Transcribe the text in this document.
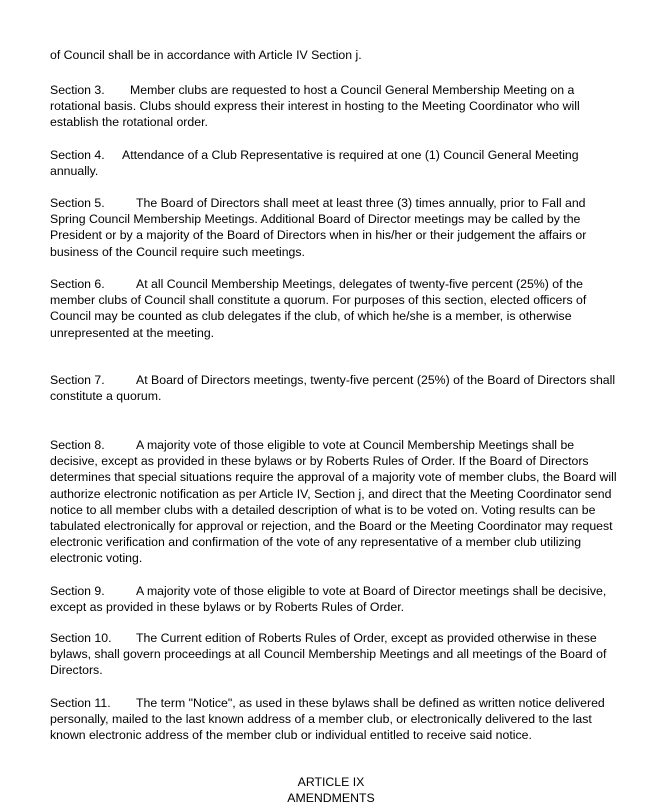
of Council shall be in accordance with Article IV Section j.

Section 3. Member clubs are requested to host a Council General Membership Meeting on a rotational basis. Clubs should express their interest in hosting to the Meeting Coordinator who will establish the rotational order.

Section 4. Attendance of a Club Representative is required at one (1) Council General Meeting annually.

Section 5.	The Board of Directors shall meet at least three (3) times annually, prior to Fall and Spring Council Membership Meetings. Additional Board of Director meetings may be called by the President or by a majority of the Board of Directors when in his/her or their judgement the affairs or business of the Council require such meetings.

Section 6.	At all Council Membership Meetings, delegates of twenty-five percent (25%) of the member clubs of Council shall constitute a quorum. For purposes of this section, elected officers of Council may be counted as club delegates if the club, of which he/she is a member, is otherwise unrepresented at the meeting.

Section 7.	At Board of Directors meetings, twenty-five percent (25%) of the Board of Directors shall constitute a quorum.

Section 8.	A majority vote of those eligible to vote at Council Membership Meetings shall be decisive, except as provided in these bylaws or by Roberts Rules of Order. If the Board of Directors determines that special situations require the approval of a majority vote of member clubs, the Board will authorize electronic notification as per Article IV, Section j, and direct that the Meeting Coordinator send notice to all member clubs with a detailed description of what is to be voted on. Voting results can be tabulated electronically for approval or rejection, and the Board or the Meeting Coordinator may request electronic verification and confirmation of the vote of any representative of a member club utilizing electronic voting.

Section 9.	A majority vote of those eligible to vote at Board of Director meetings shall be decisive, except as provided in these bylaws or by Roberts Rules of Order.

Section 10. The Current edition of Roberts Rules of Order, except as provided otherwise in these bylaws, shall govern proceedings at all Council Membership Meetings and all meetings of the Board of Directors.

Section 11. The term "Notice", as used in these bylaws shall be defined as written notice delivered personally, mailed to the last known address of a member club, or electronically delivered to the last known electronic address of the member club or individual entitled to receive said notice.

ARTICLE IX

AMENDMENTS
